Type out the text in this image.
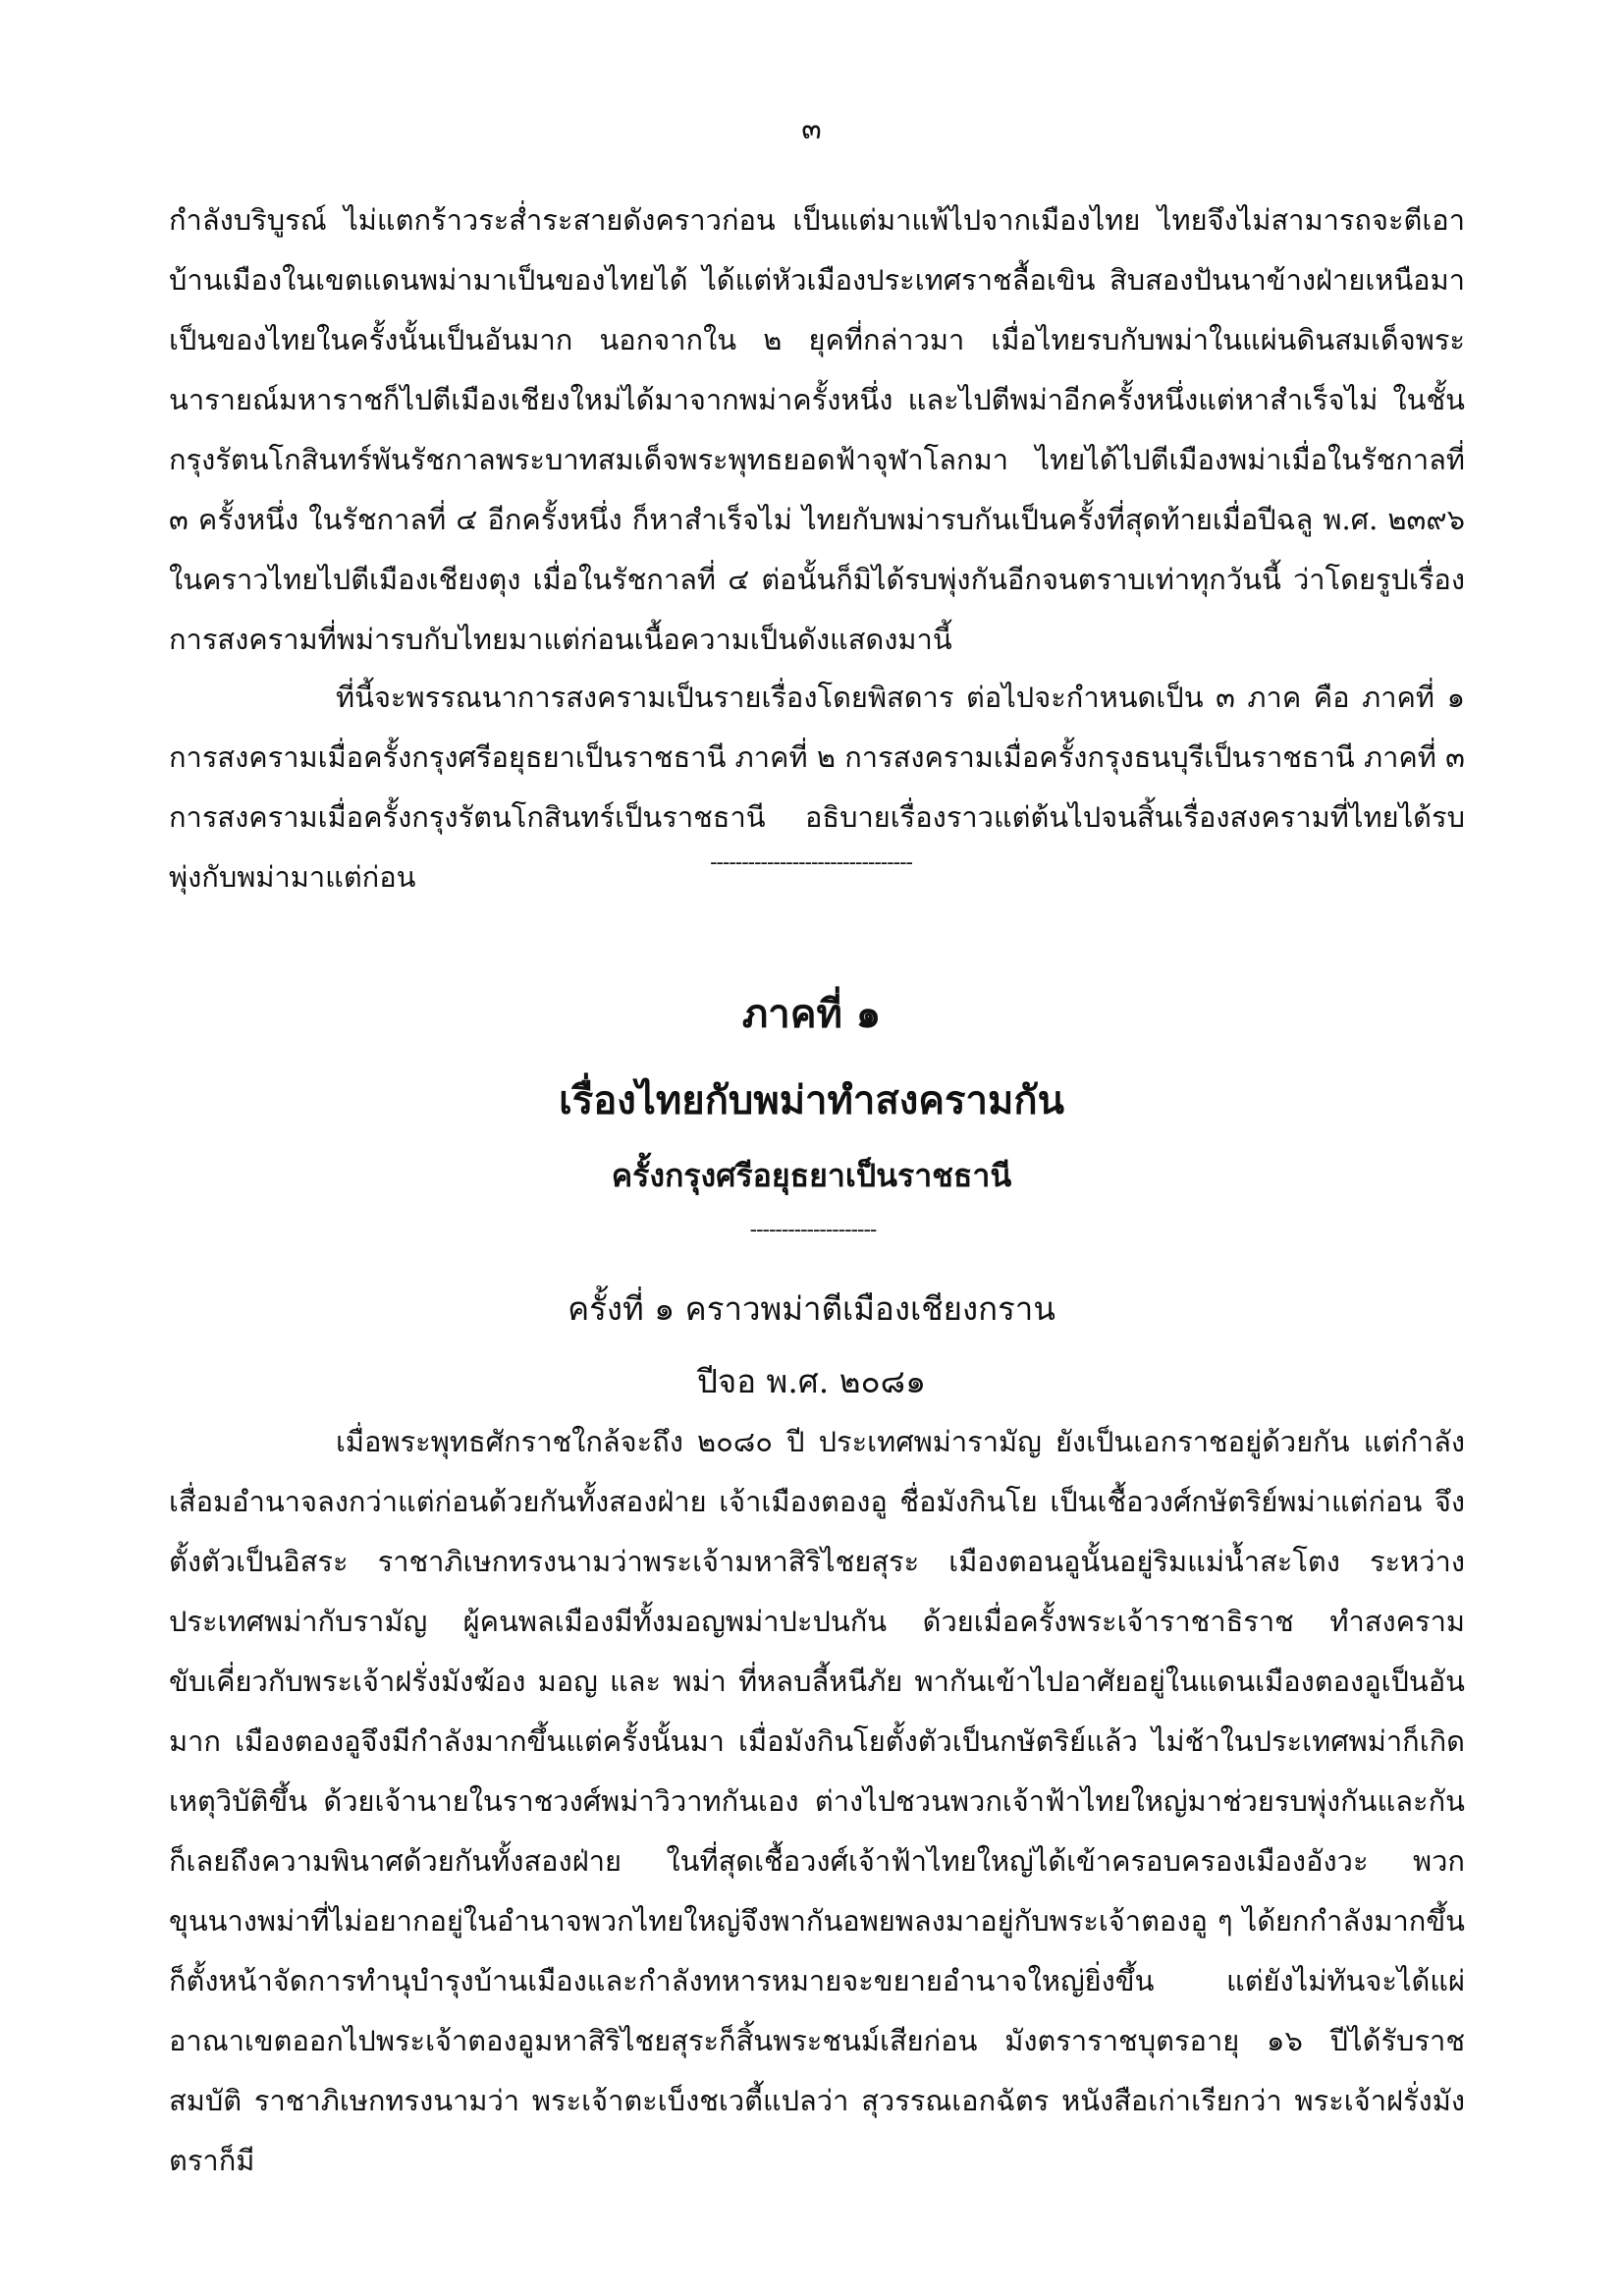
๓

กำลังบริบูรณ์ ไม่แตกร้าวระส่ำระสายดังคราวก่อน เป็นแต่มาแพ้ไปจากเมืองไทย ไทยจึงไม่สามารถจะตีเอาบ้านเมืองในเขตแดนพม่ามาเป็นของไทยได้ ได้แต่หัวเมืองประเทศราชลื้อเขิน สิบสองปันนาข้างฝ่ายเหนือมาเป็นของไทยในครั้งนั้นเป็นอันมาก นอกจากใน ๒ ยุคที่กล่าวมา เมื่อไทยรบกับพม่าในแผ่นดินสมเด็จพระนารายณ์มหาราชก็ไปตีเมืองเชียงใหม่ได้มาจากพม่าครั้งหนึ่ง และไปตีพม่าอีกครั้งหนึ่งแต่หาสำเร็จไม่ ในชั้นกรุงรัตนโกสินทร์พันรัชกาลพระบาทสมเด็จพระพุทธยอดฟ้าจุฬาโลกมา ไทยได้ไปตีเมืองพม่าเมื่อในรัชกาลที่ ๓ ครั้งหนึ่ง ในรัชกาลที่ ๔ อีกครั้งหนึ่ง ก็หาสำเร็จไม่ ไทยกับพม่ารบกันเป็นครั้งที่สุดท้ายเมื่อปีฉลู พ.ศ. ๒๓๙๖ ในคราวไทยไปตีเมืองเชียงตุง เมื่อในรัชกาลที่ ๔ ต่อนั้นก็มิได้รบพุ่งกันอีกจนตราบเท่าทุกวันนี้ ว่าโดยรูปเรื่องการสงครามที่พม่ารบกับไทยมาแต่ก่อนเนื้อความเป็นดังแสดงมานี้

ที่นี้จะพรรณนาการสงครามเป็นรายเรื่องโดยพิสดาร ต่อไปจะกำหนดเป็น ๓ ภาค คือ ภาคที่ ๑ การสงครามเมื่อครั้งกรุงศรีอยุธยาเป็นราชธานี ภาคที่ ๒ การสงครามเมื่อครั้งกรุงธนบุรีเป็นราชธานี ภาคที่ ๓ การสงครามเมื่อครั้งกรุงรัตนโกสินทร์เป็นราชธานี อธิบายเรื่องราวแต่ต้นไปจนสิ้นเรื่องสงครามที่ไทยได้รบพุ่งกับพม่ามาแต่ก่อน	--------------------------------
ภาคที่ ๑
เรื่องไทยกับพม่าทำสงครามกัน
ครั้งกรุงศรีอยุธยาเป็นราชธานี
--------------------
ครั้งที่ ๑ คราวพม่าตีเมืองเชียงกราน
ปีจอ พ.ศ. ๒๐๘๑

เมื่อพระพุทธศักราชใกล้จะถึง ๒๐๘๐ ปี ประเทศพม่ารามัญ ยังเป็นเอกราชอยู่ด้วยกัน แต่กำลังเสื่อมอำนาจลงกว่าแต่ก่อนด้วยกันทั้งสองฝ่าย เจ้าเมืองตองอู ชื่อมังกินโย เป็นเชื้อวงศ์กษัตริย์พม่าแต่ก่อน จึงตั้งตัวเป็นอิสระ ราชาภิเษกทรงนามว่าพระเจ้ามหาสิริไชยสุระ เมืองตอนอูนั้นอยู่ริมแม่น้ำสะโตง ระหว่างประเทศพม่ากับรามัญ ผู้คนพลเมืองมีทั้งมอญพม่าปะปนกัน ด้วยเมื่อครั้งพระเจ้าราชาธิราช ทำสงครามขับเคี่ยวกับพระเจ้าฝรั่งมังฆ้อง มอญ และ พม่า ที่หลบลี้หนีภัย พากันเข้าไปอาศัยอยู่ในแดนเมืองตองอูเป็นอันมาก เมืองตองอูจึงมีกำลังมากขึ้นแต่ครั้งนั้นมา เมื่อมังกินโยตั้งตัวเป็นกษัตริย์แล้ว ไม่ช้าในประเทศพม่าก็เกิดเหตุวิบัติขึ้น ด้วยเจ้านายในราชวงศ์พม่าวิวาทกันเอง ต่างไปชวนพวกเจ้าฟ้าไทยใหญ่มาช่วยรบพุ่งกันและกัน ก็เลยถึงความพินาศด้วยกันทั้งสองฝ่าย ในที่สุดเชื้อวงศ์เจ้าฟ้าไทยใหญ่ได้เข้าครอบครองเมืองอังวะ พวกขุนนางพม่าที่ไม่อยากอยู่ในอำนาจพวกไทยใหญ่จึงพากันอพยพลงมาอยู่กับพระเจ้าตองอู ๆ ได้ยกกำลังมากขึ้น ก็ตั้งหน้าจัดการทำนุบำรุงบ้านเมืองและกำลังทหารหมายจะขยายอำนาจใหญ่ยิ่งขึ้น แต่ยังไม่ทันจะได้แผ่อาณาเขตออกไปพระเจ้าตองอูมหาสิริไชยสุระก็สิ้นพระชนม์เสียก่อน มังตราราชบุตรอายุ ๑๖ ปีได้รับราชสมบัติ ราชาภิเษกทรงนามว่า พระเจ้าตะเบ็งชเวตี้แปลว่า สุวรรณเอกฉัตร หนังสือเก่าเรียกว่า พระเจ้าฝรั่งมังตราก็มี
